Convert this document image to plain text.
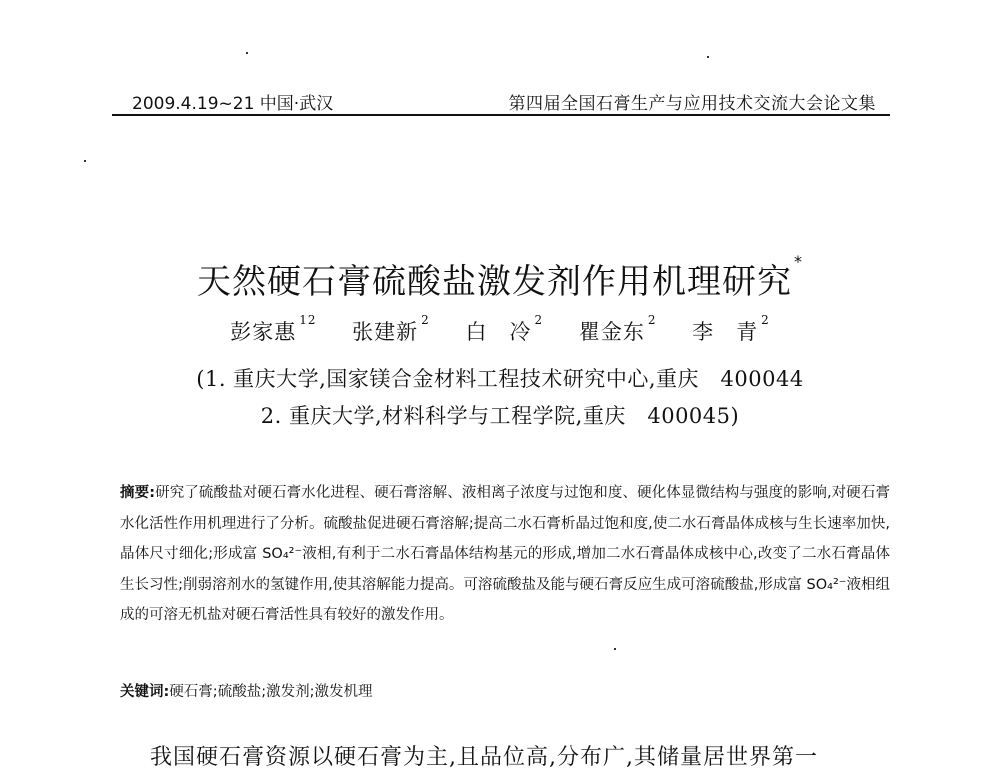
2009.4.19~21 中国·武汉	第四届全国石膏生产与应用技术交流大会论文集
天然硬石膏硫酸盐激发剂作用机理研究*
彭家惠 $^{12}$ 张建新 $^2$ 白　冷 $^2$ 瞿金东 $^2$ 李　青 $^2$
(1. 重庆大学,国家镁合金材料工程技术研究中心,重庆　400044
2. 重庆大学,材料科学与工程学院,重庆　400045)
摘要:研究了硫酸盐对硬石膏水化进程、硬石膏溶解、液相离子浓度与过饱和度、硬化体显微结构与强度的影响,对硬石膏水化活性作用机理进行了分析。硫酸盐促进硬石膏溶解;提高二水石膏析晶过饱和度,使二水石膏晶体成核与生长速率加快,晶体尺寸细化;形成富 SO₄²⁻液相,有利于二水石膏晶体结构基元的形成,增加二水石膏晶体成核中心,改变了二水石膏晶体生长习性;削弱溶剂水的氢键作用,使其溶解能力提高。可溶硫酸盐及能与硬石膏反应生成可溶硫酸盐,形成富 SO₄²⁻液相组成的可溶无机盐对硬石膏活性具有较好的激发作用。
关键词:硬石膏;硫酸盐;激发剂;激发机理
我国硬石膏资源以硬石膏为主,且品位高,分布广,其储量居世界第一
